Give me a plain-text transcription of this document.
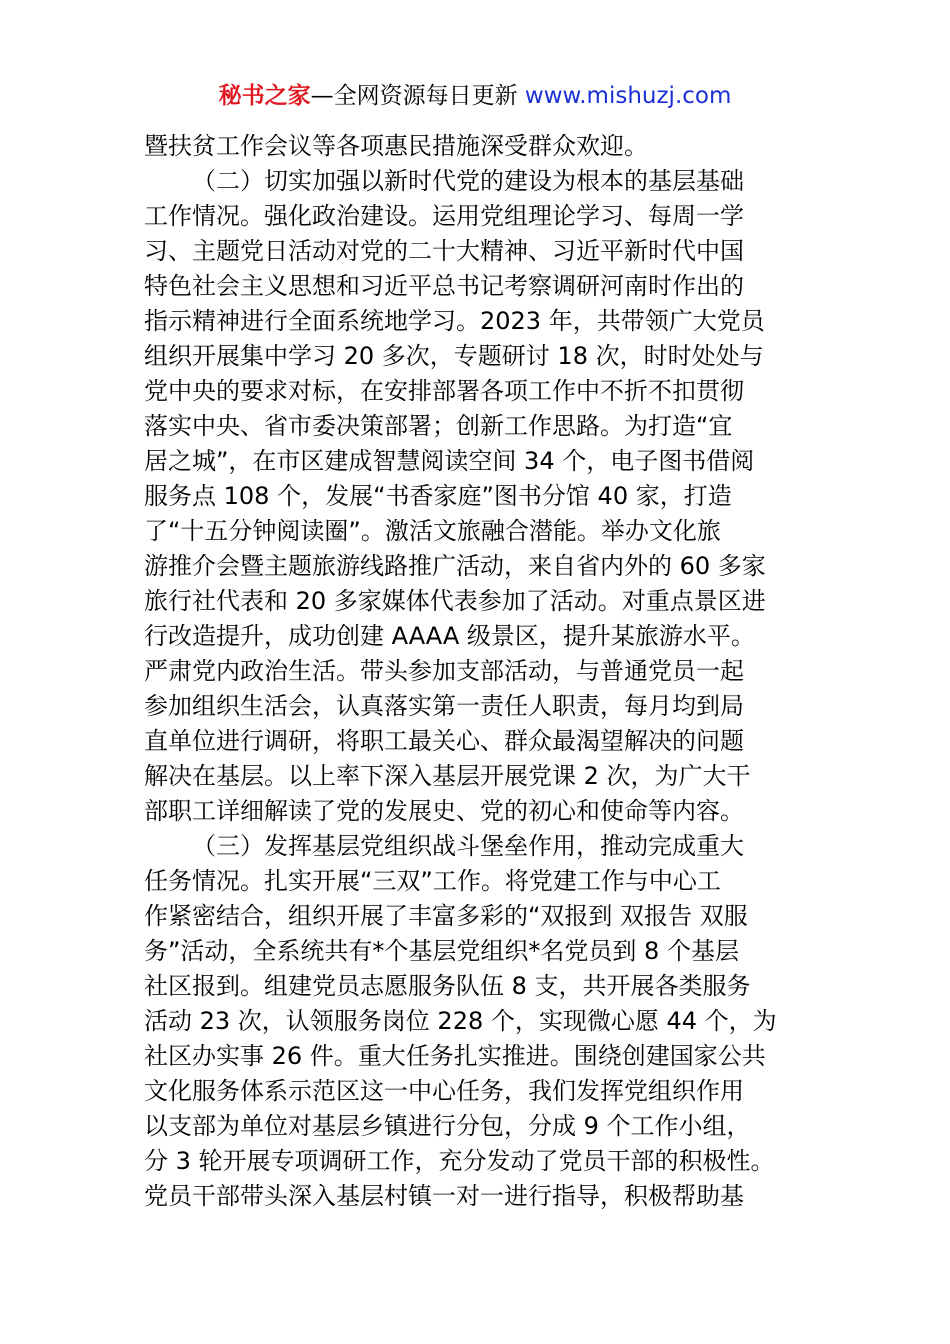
秘书之家—全网资源每日更新 www.mishuzj.com
暨扶贫工作会议等各项惠民措施深受群众欢迎。
（二）切实加强以新时代党的建设为根本的基层基础
工作情况。强化政治建设。运用党组理论学习、每周一学
习、主题党日活动对党的二十大精神、习近平新时代中国
特色社会主义思想和习近平总书记考察调研河南时作出的
指示精神进行全面系统地学习。2023 年，共带领广大党员
组织开展集中学习 20 多次，专题研讨 18 次，时时处处与
党中央的要求对标，在安排部署各项工作中不折不扣贯彻
落实中央、省市委决策部署；创新工作思路。为打造“宜
居之城”，在市区建成智慧阅读空间 34 个，电子图书借阅
服务点 108 个，发展“书香家庭”图书分馆 40 家，打造
了“十五分钟阅读圈”。激活文旅融合潜能。举办文化旅
游推介会暨主题旅游线路推广活动，来自省内外的 60 多家
旅行社代表和 20 多家媒体代表参加了活动。对重点景区进
行改造提升，成功创建 AAAA 级景区，提升某旅游水平。
严肃党内政治生活。带头参加支部活动，与普通党员一起
参加组织生活会，认真落实第一责任人职责，每月均到局
直单位进行调研，将职工最关心、群众最渴望解决的问题
解决在基层。以上率下深入基层开展党课 2 次，为广大干
部职工详细解读了党的发展史、党的初心和使命等内容。
（三）发挥基层党组织战斗堡垒作用，推动完成重大
任务情况。扎实开展“三双”工作。将党建工作与中心工
作紧密结合，组织开展了丰富多彩的“双报到 双报告 双服
务”活动，全系统共有*个基层党组织*名党员到 8 个基层
社区报到。组建党员志愿服务队伍 8 支，共开展各类服务
活动 23 次，认领服务岗位 228 个，实现微心愿 44 个，为
社区办实事 26 件。重大任务扎实推进。围绕创建国家公共
文化服务体系示范区这一中心任务，我们发挥党组织作用
以支部为单位对基层乡镇进行分包，分成 9 个工作小组，
分 3 轮开展专项调研工作，充分发动了党员干部的积极性。
党员干部带头深入基层村镇一对一进行指导，积极帮助基
